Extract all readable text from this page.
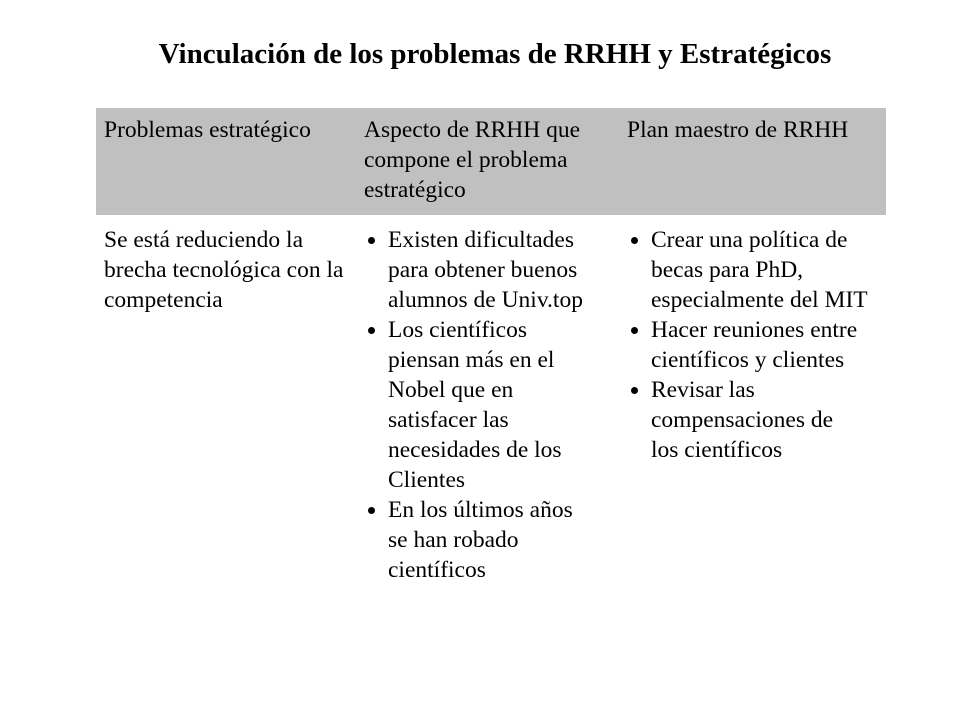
Vinculación de los problemas de RRHH y Estratégicos
Problemas estratégico	Aspecto de RRHH que compone el problema estratégico
Plan maestro de RRHH
Se está reduciendo la brecha tecnológica con la competencia
Existen dificultades para obtener buenos alumnos de Univ.top
Los científicos piensan más en el Nobel que en satisfacer las necesidades de los Clientes
En los últimos años se han robado científicos
Crear una política de becas para PhD, especialmente del MIT
Hacer reuniones entre científicos y clientes
Revisar las compensaciones de los científicos
